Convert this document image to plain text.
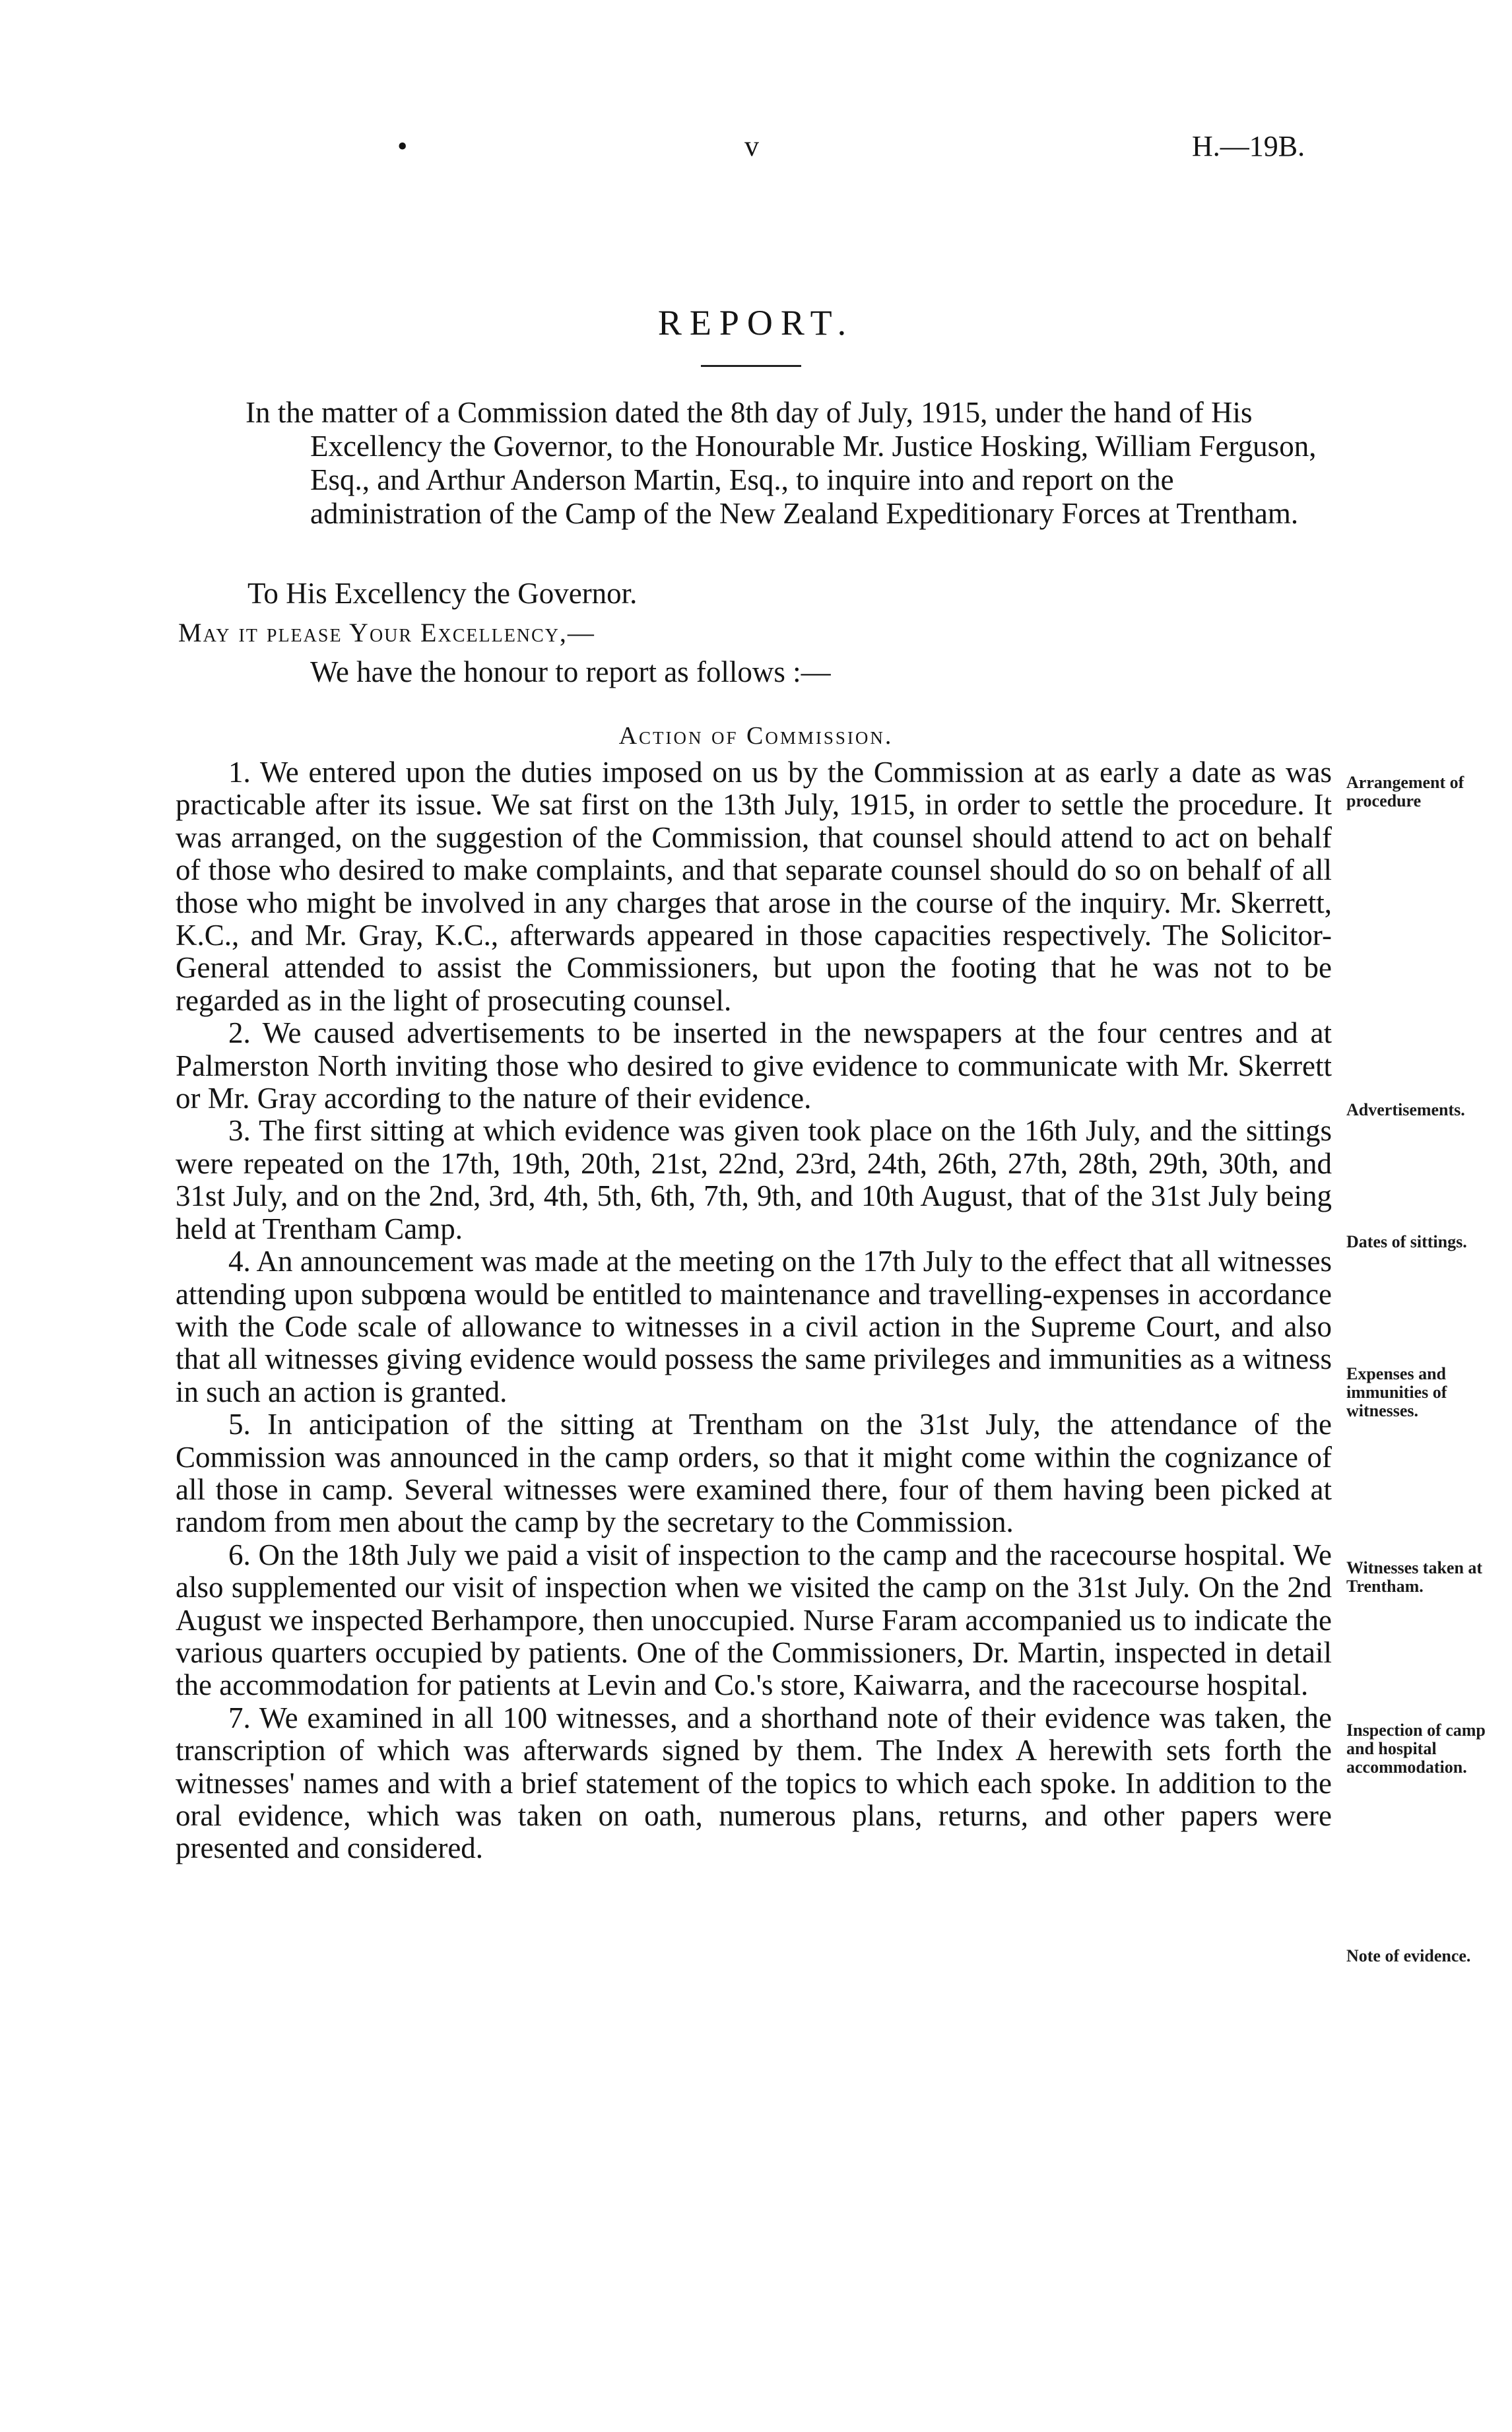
•	v	H.—19B.
REPORT.

In the matter of a Commission dated the 8th day of July, 1915, under the hand of His Excellency the Governor, to the Honourable Mr. Justice Hosking, William Ferguson, Esq., and Arthur Anderson Martin, Esq., to inquire into and report on the administration of the Camp of the New Zealand Expeditionary Forces at Trentham.

To His Excellency the Governor.

May it please Your Excellency,—

We have the honour to report as follows :—

Action of Commission.

1. We entered upon the duties imposed on us by the Commission at as early a date as was practicable after its issue. We sat first on the 13th July, 1915, in order to settle the procedure. It was arranged, on the suggestion of the Commission, that counsel should attend to act on behalf of those who desired to make complaints, and that separate counsel should do so on behalf of all those who might be involved in any charges that arose in the course of the inquiry. Mr. Skerrett, K.C., and Mr. Gray, K.C., afterwards appeared in those capacities respectively. The Solicitor-General attended to assist the Commissioners, but upon the footing that he was not to be regarded as in the light of prosecuting counsel.

2. We caused advertisements to be inserted in the newspapers at the four centres and at Palmerston North inviting those who desired to give evidence to communicate with Mr. Skerrett or Mr. Gray according to the nature of their evidence.

3. The first sitting at which evidence was given took place on the 16th July, and the sittings were repeated on the 17th, 19th, 20th, 21st, 22nd, 23rd, 24th, 26th, 27th, 28th, 29th, 30th, and 31st July, and on the 2nd, 3rd, 4th, 5th, 6th, 7th, 9th, and 10th August, that of the 31st July being held at Trentham Camp.

4. An announcement was made at the meeting on the 17th July to the effect that all witnesses attending upon subpœna would be entitled to maintenance and travelling-expenses in accordance with the Code scale of allowance to witnesses in a civil action in the Supreme Court, and also that all witnesses giving evidence would possess the same privileges and immunities as a witness in such an action is granted.

5. In anticipation of the sitting at Trentham on the 31st July, the attendance of the Commission was announced in the camp orders, so that it might come within the cognizance of all those in camp. Several witnesses were examined there, four of them having been picked at random from men about the camp by the secretary to the Commission.

6. On the 18th July we paid a visit of inspection to the camp and the racecourse hospital. We also supplemented our visit of inspection when we visited the camp on the 31st July. On the 2nd August we inspected Berhampore, then unoccupied. Nurse Faram accompanied us to indicate the various quarters occupied by patients. One of the Commissioners, Dr. Martin, inspected in detail the accommodation for patients at Levin and Co.'s store, Kaiwarra, and the racecourse hospital.

7. We examined in all 100 witnesses, and a shorthand note of their evidence was taken, the transcription of which was afterwards signed by them. The Index A herewith sets forth the witnesses' names and with a brief statement of the topics to which each spoke. In addition to the oral evidence, which was taken on oath, numerous plans, returns, and other papers were presented and considered.

Arrangement of procedure
Advertisements.
Dates of sittings.
Expenses and immunities of witnesses.
Witnesses taken at Trentham.
Inspection of camp and hospital accommodation.
Note of evidence.
